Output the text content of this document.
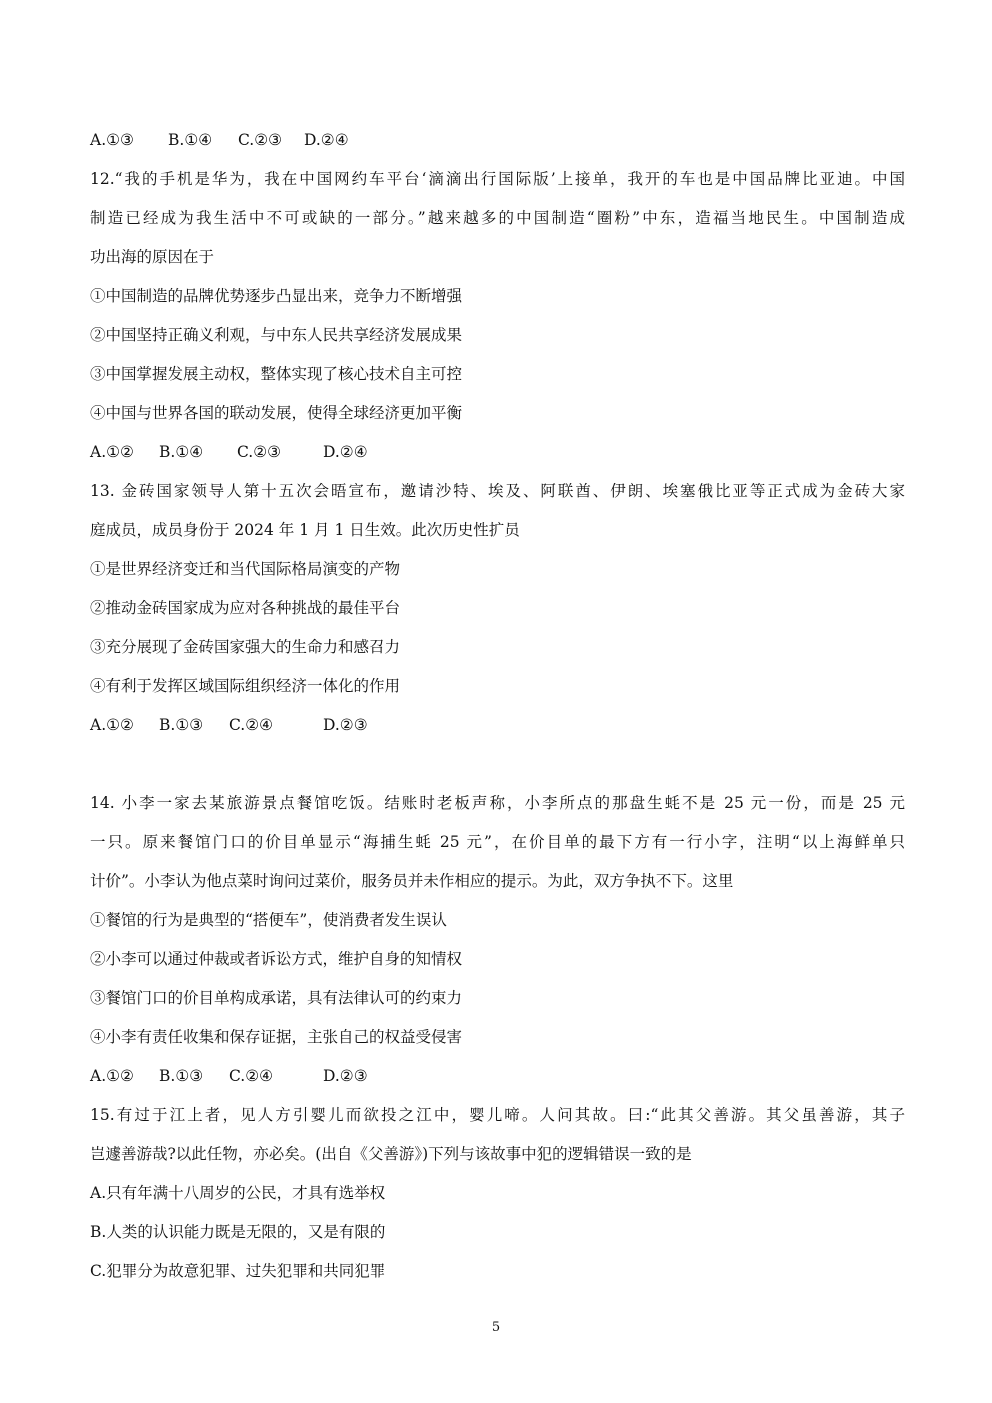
A.①③ B.①④ C.②③ D.②④
12.“我的手机是华为，我在中国网约车平台‘滴滴出行国际版’上接单，我开的车也是中国品牌比亚迪。中国
制造已经成为我生活中不可或缺的一部分。”越来越多的中国制造“圈粉”中东，造福当地民生。中国制造成
功出海的原因在于
①中国制造的品牌优势逐步凸显出来，竞争力不断增强
②中国坚持正确义利观，与中东人民共享经济发展成果
③中国掌握发展主动权，整体实现了核心技术自主可控
④中国与世界各国的联动发展，使得全球经济更加平衡
A.①② B.①④ C.②③	D.②④
13. 金砖国家领导人第十五次会晤宣布，邀请沙特、埃及、阿联酋、伊朗、埃塞俄比亚等正式成为金砖大家
庭成员，成员身份于 2024 年 1 月 1 日生效。此次历史性扩员
①是世界经济变迁和当代国际格局演变的产物
②推动金砖国家成为应对各种挑战的最佳平台
③充分展现了金砖国家强大的生命力和感召力
④有利于发挥区域国际组织经济一体化的作用
A.①② B.①③ C.②④	D.②③
14. 小李一家去某旅游景点餐馆吃饭。结账时老板声称，小李所点的那盘生蚝不是 25 元一份，而是 25 元
一只。原来餐馆门口的价目单显示“海捕生蚝 25 元”，在价目单的最下方有一行小字，注明“以上海鲜单只
计价”。小李认为他点菜时询问过菜价，服务员并未作相应的提示。为此，双方争执不下。这里
①餐馆的行为是典型的“搭便车”，使消费者发生误认
②小李可以通过仲裁或者诉讼方式，维护自身的知情权
③餐馆门口的价目单构成承诺，具有法律认可的约束力
④小李有责任收集和保存证据，主张自己的权益受侵害
A.①② B.①③ C.②④	D.②③
15.有过于江上者，见人方引婴儿而欲投之江中，婴儿啼。人问其故。曰:“此其父善游。其父虽善游，其子
岂遽善游哉?以此任物，亦必矣。(出自《父善游》)下列与该故事中犯的逻辑错误一致的是
A.只有年满十八周岁的公民，才具有选举权
B.人类的认识能力既是无限的，又是有限的
C.犯罪分为故意犯罪、过失犯罪和共同犯罪
5
